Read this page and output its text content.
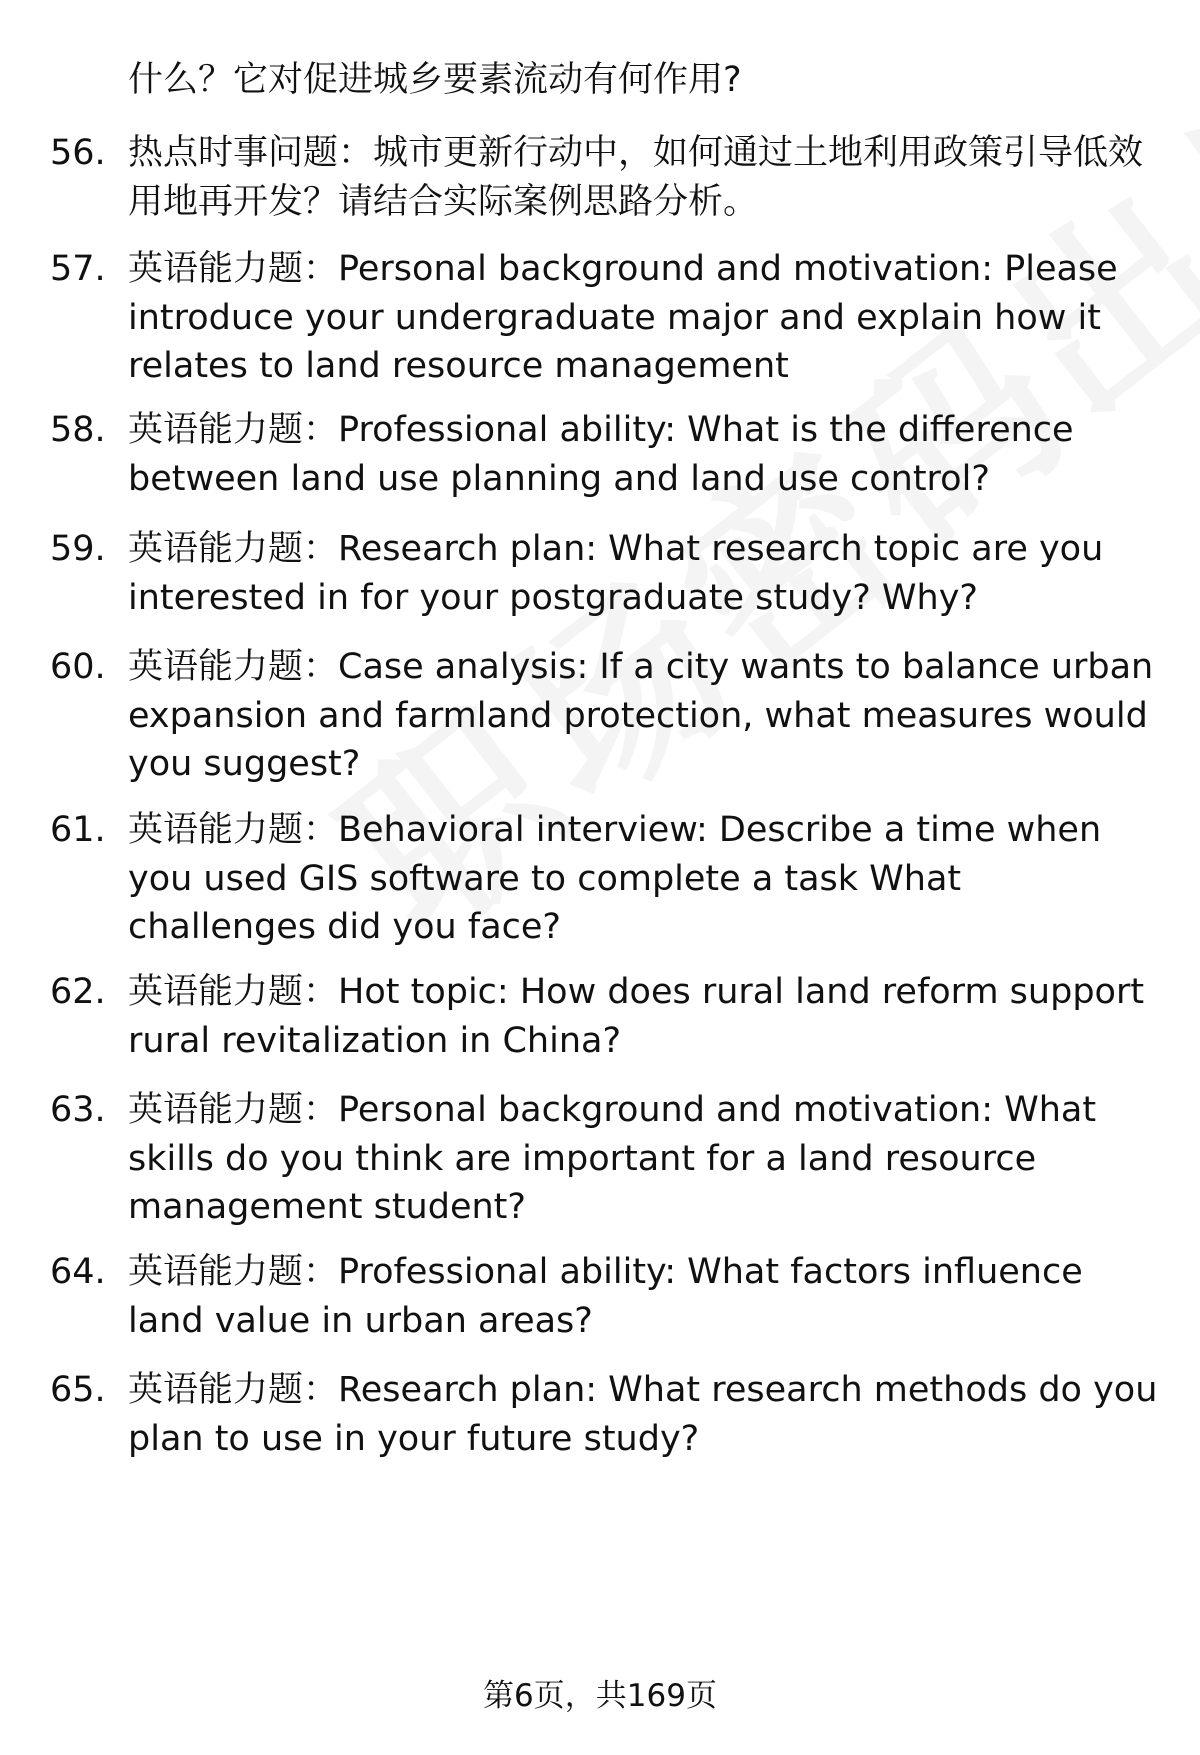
什么？它对促进城乡要素流动有何作用?
56. 热点时事问题：城市更新行动中，如何通过土地利用政策引导低效用地再开发？请结合实际案例思路分析。
57. 英语能力题：Personal background and motivation: Please introduce your undergraduate major and explain how it relates to land resource management
58. 英语能力题：Professional ability: What is the difference between land use planning and land use control?
59. 英语能力题：Research plan: What research topic are you interested in for your postgraduate study? Why?
60. 英语能力题：Case analysis: If a city wants to balance urban expansion and farmland protection, what measures would you suggest?
61. 英语能力题：Behavioral interview: Describe a time when you used GIS software to complete a task What challenges did you face?
62. 英语能力题：Hot topic: How does rural land reform support rural revitalization in China?
63. 英语能力题：Personal background and motivation: What skills do you think are important for a land resource management student?
64. 英语能力题：Professional ability: What factors influence land value in urban areas?
65. 英语能力题：Research plan: What research methods do you plan to use in your future study?
第6页，共169页
